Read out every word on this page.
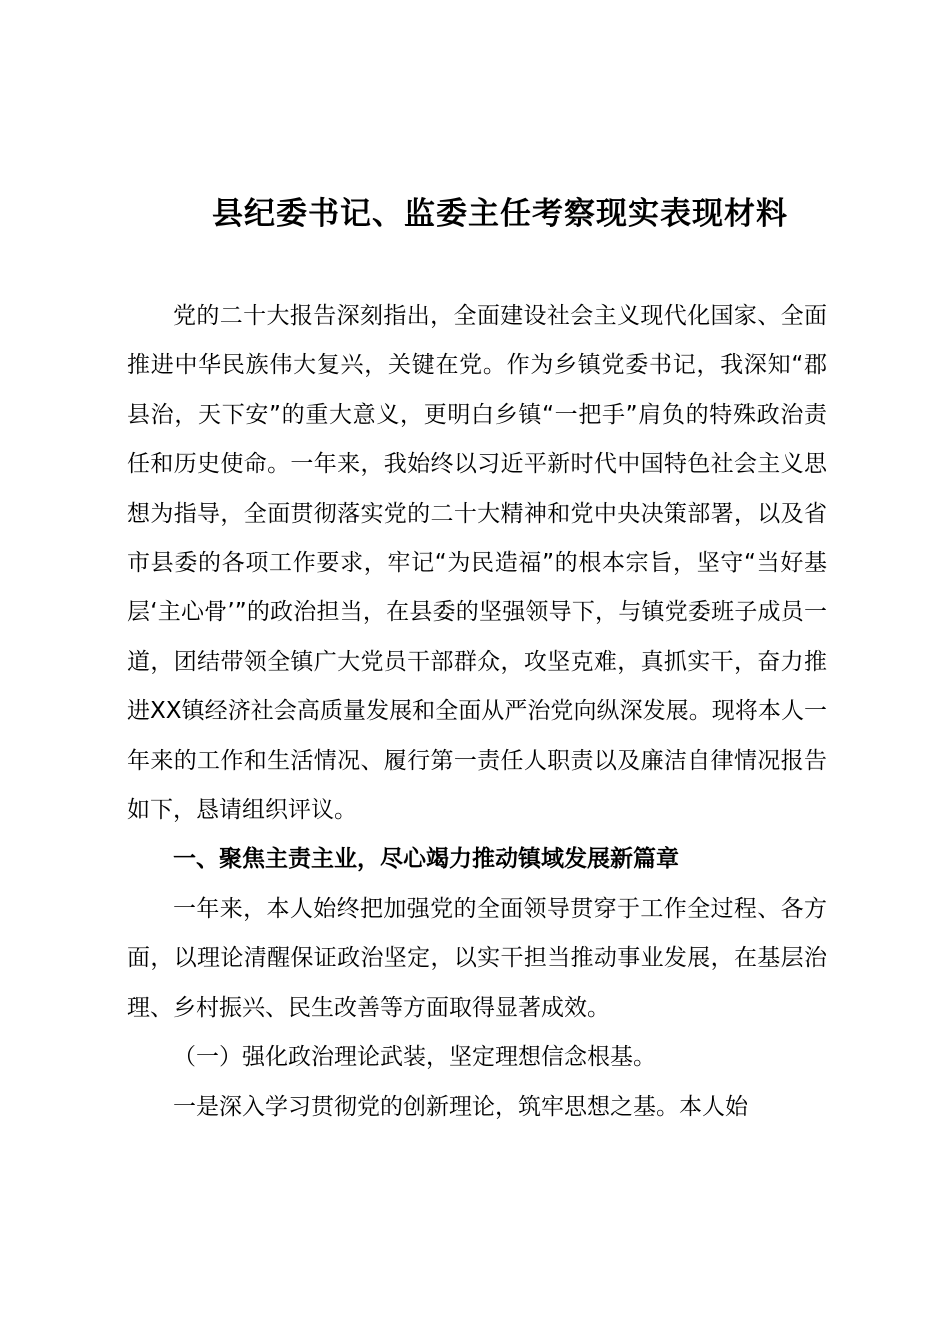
县纪委书记、监委主任考察现实表现材料

党的二十大报告深刻指出，全面建设社会主义现代化国家、全面推进中华民族伟大复兴，关键在党。作为乡镇党委书记，我深知“郡县治，天下安”的重大意义，更明白乡镇“一把手”肩负的特殊政治责任和历史使命。一年来，我始终以习近平新时代中国特色社会主义思想为指导，全面贯彻落实党的二十大精神和党中央决策部署，以及省市县委的各项工作要求，牢记“为民造福”的根本宗旨，坚守“当好基层‘主心骨’”的政治担当，在县委的坚强领导下，与镇党委班子成员一道，团结带领全镇广大党员干部群众，攻坚克难，真抓实干，奋力推进XX镇经济社会高质量发展和全面从严治党向纵深发展。现将本人一年来的工作和生活情况、履行第一责任人职责以及廉洁自律情况报告如下，恳请组织评议。

一、聚焦主责主业，尽心竭力推动镇域发展新篇章

一年来，本人始终把加强党的全面领导贯穿于工作全过程、各方面，以理论清醒保证政治坚定，以实干担当推动事业发展，在基层治理、乡村振兴、民生改善等方面取得显著成效。

（一）强化政治理论武装，坚定理想信念根基。

一是深入学习贯彻党的创新理论，筑牢思想之基。本人始
